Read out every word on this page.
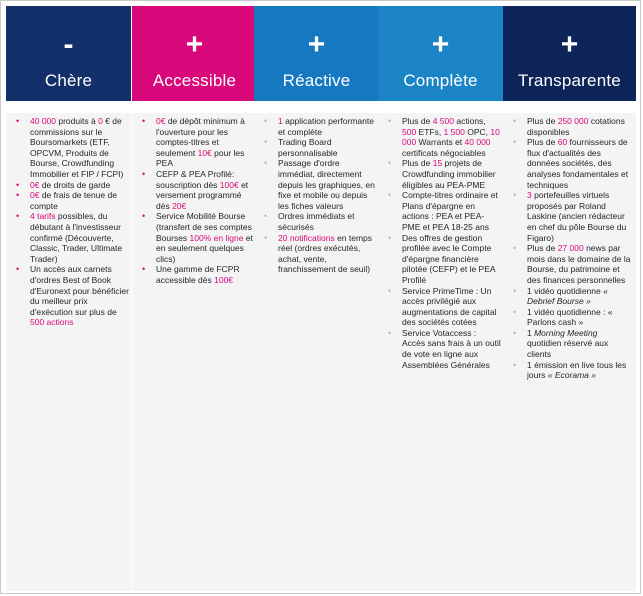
-
Chère
• 40 000 produits à 0 € de commissions sur le Boursomarkets (ETF, OPCVM, Produits de Bourse, Crowdfunding Immobilier et FIP / FCPI)
• 0€ de droits de garde
• 0€ de frais de tenue de compte
• 4 tarifs possibles, du débutant à l'investisseur confirmé (Découverte, Classic, Trader, Ultimate Trader)
• Un accès aux carnets d'ordres Best of Book d'Euronext pour bénéficier du meilleur prix d'exécution sur plus de 500 actions
+
Accessible
• 0€ de dépôt minimum à l'ouverture pour les comptes-titres et seulement 10€ pour les PEA
• CEFP & PEA Profilé: souscription dès 100€ et versement programmé dès 20€
• Service Mobilité Bourse (transfert de ses comptes Bourses 100% en ligne et en seulement quelques clics)
• Une gamme de FCPR accessible dès 100€
+
Réactive
• 1 application performante et complète
• Trading Board personnalisable
• Passage d'ordre immédiat, directement depuis les graphiques, en fixe et mobile ou depuis les fiches valeurs
• Ordres immédiats et sécurisés
• 20 notifications en temps réel (ordres exécutés, achat, vente, franchissement de seuil)
+
Complète
• Plus de 4 500 actions, 500 ETFs, 1 500 OPC, 10 000 Warrants et 40 000 certificats négociables
• Plus de 15 projets de Crowdfunding immobilier éligibles au PEA-PME
• Compte-titres ordinaire et Plans d'épargne en actions : PEA et PEA-PME et PEA 18-25 ans
• Des offres de gestion profilée avec le Compte d'épargne financière pilotée (CEFP) et le PEA Profilé
• Service PrimeTime : Un accès privilégié aux augmentations de capital des sociétés cotées
• Service Votaccess : Accès sans frais à un outil de vote en ligne aux Assemblées Générales
+
Transparente
• Plus de 250 000 cotations disponibles
• Plus de 60 fournisseurs de flux d'actualités des données sociétés, des analyses fondamentales et techniques
• 3 portefeuilles virtuels proposés par Roland Laskine (ancien rédacteur en chef du pôle Bourse du Figaro)
• Plus de 27 000 news par mois dans le domaine de la Bourse, du patrimoine et des finances personnelles
• 1 vidéo quotidienne « Debrief Bourse »
• 1 vidéo quotidienne : « Parlons cash »
• 1 Morning Meeting quotidien réservé aux clients
• 1 émission en live tous les jours « Ecorama »
